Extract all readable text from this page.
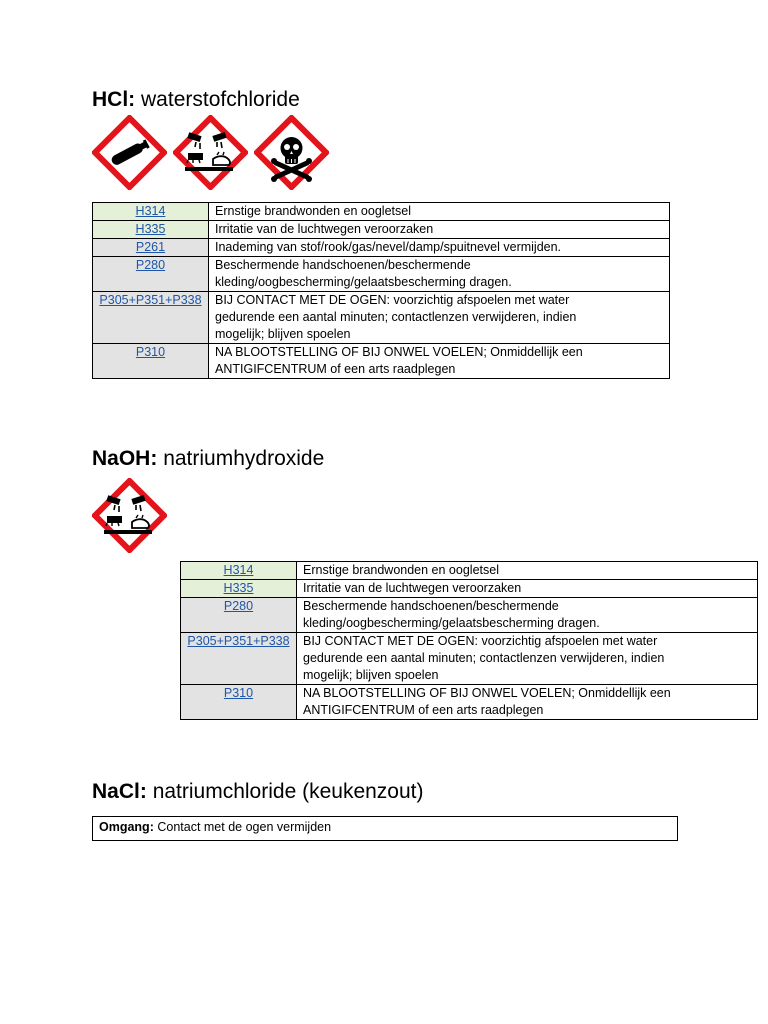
HCl: waterstofchloride
H314	Ernstige brandwonden en oogletsel

H335	Irritatie van de luchtwegen veroorzaken

P261	Inademing van stof/rook/gas/nevel/damp/spuitnevel vermijden.

P280	Beschermende handschoenen/beschermende
kleding/oogbescherming/gelaatsbescherming dragen.

P305+P351+P338	BIJ CONTACT MET DE OGEN: voorzichtig afspoelen met water
gedurende een aantal minuten; contactlenzen verwijderen, indien
mogelijk; blijven spoelen

P310	NA BLOOTSTELLING OF BIJ ONWEL VOELEN; Onmiddellijk een
ANTIGIFCENTRUM of een arts raadplegen
NaOH: natriumhydroxide
H314	Ernstige brandwonden en oogletsel

H335	Irritatie van de luchtwegen veroorzaken

P280	Beschermende handschoenen/beschermende
kleding/oogbescherming/gelaatsbescherming dragen.

P305+P351+P338	BIJ CONTACT MET DE OGEN: voorzichtig afspoelen met water
gedurende een aantal minuten; contactlenzen verwijderen, indien
mogelijk; blijven spoelen

P310	NA BLOOTSTELLING OF BIJ ONWEL VOELEN; Onmiddellijk een
ANTIGIFCENTRUM of een arts raadplegen
NaCl: natriumchloride (keukenzout)
Omgang: Contact met de ogen vermijden
